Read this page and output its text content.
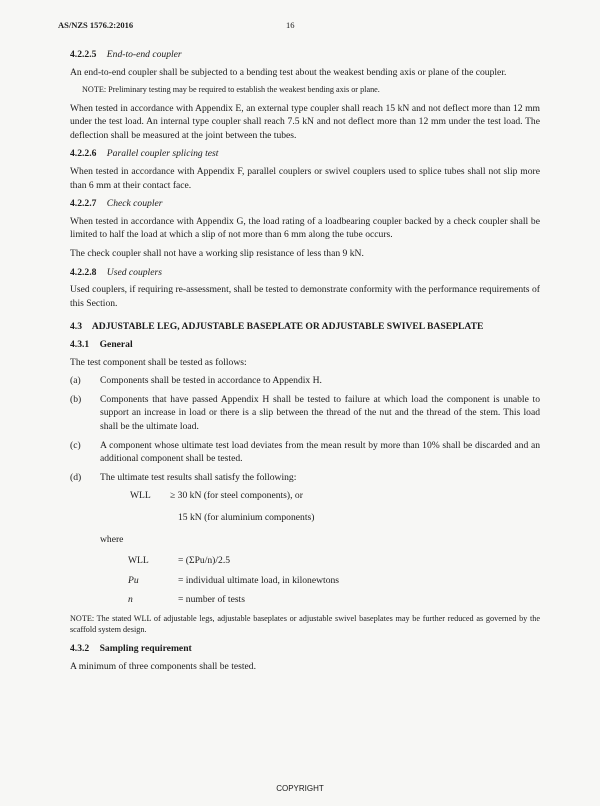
AS/NZS 1576.2:2016	16
4.2.2.5 End-to-end coupler

An end-to-end coupler shall be subjected to a bending test about the weakest bending axis or plane of the coupler.

NOTE: Preliminary testing may be required to establish the weakest bending axis or plane.

When tested in accordance with Appendix E, an external type coupler shall reach 15 kN and not deflect more than 12 mm under the test load. An internal type coupler shall reach 7.5 kN and not deflect more than 12 mm under the test load. The deflection shall be measured at the joint between the tubes.

4.2.2.6 Parallel coupler splicing test

When tested in accordance with Appendix F, parallel couplers or swivel couplers used to splice tubes shall not slip more than 6 mm at their contact face.

4.2.2.7 Check coupler

When tested in accordance with Appendix G, the load rating of a loadbearing coupler backed by a check coupler shall be limited to half the load at which a slip of not more than 6 mm along the tube occurs.

The check coupler shall not have a working slip resistance of less than 9 kN.

4.2.2.8 Used couplers

Used couplers, if requiring re-assessment, shall be tested to demonstrate conformity with the performance requirements of this Section.

4.3 ADJUSTABLE LEG, ADJUSTABLE BASEPLATE OR ADJUSTABLE SWIVEL BASEPLATE
4.3.1 General

The test component shall be tested as follows:

(a)	Components shall be tested in accordance to Appendix H.
(b)	Components that have passed Appendix H shall be tested to failure at which load the component is unable to support an increase in load or there is a slip between the thread of the nut and the thread of the stem. This load shall be the ultimate load.
(c)	A component whose ultimate test load deviates from the mean result by more than 10% shall be discarded and an additional component shall be tested.
(d)	The ultimate test results shall satisfy the following:
WLL	≥ 30 kN (for steel components), or
15 kN (for aluminium components)
where
WLL	= (ΣPu/n)/2.5
Pu	= individual ultimate load, in kilonewtons
n	= number of tests

NOTE: The stated WLL of adjustable legs, adjustable baseplates or adjustable swivel baseplates may be further reduced as governed by the scaffold system design.

4.3.2 Sampling requirement

A minimum of three components shall be tested.

COPYRIGHT
